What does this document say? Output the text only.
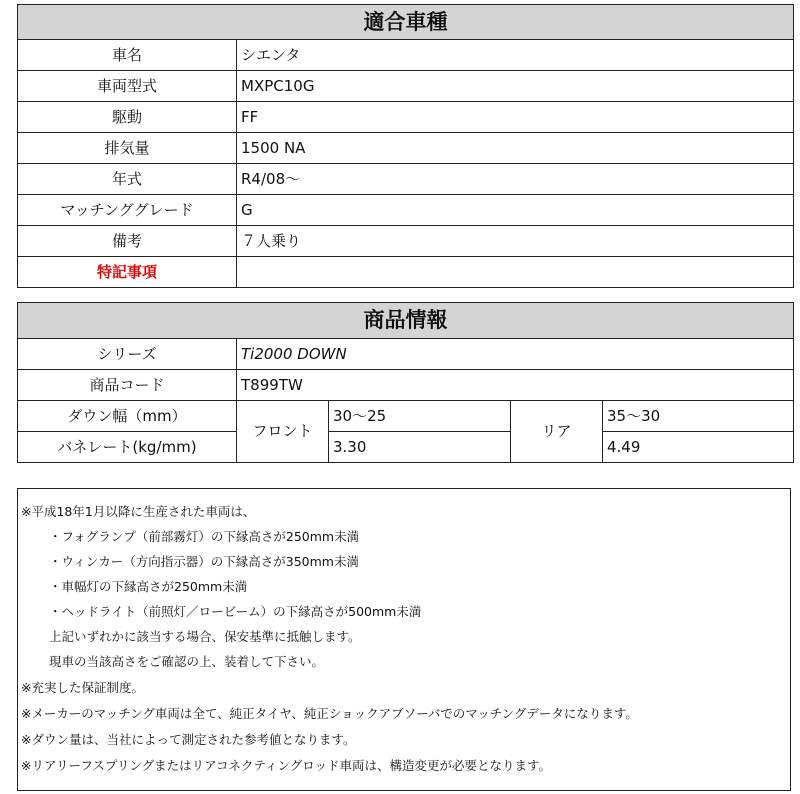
適合車種	
車名	シエンタ
車両型式	MXPC10G
駆動	FF
排気量	1500 NA
年式	R4/08～
マッチンググレード	G
備考	７人乗り
特記事項	
商品情報				
シリーズ	Ti2000 DOWN			
商品コード	T899TW			
ダウン幅（mm）	フロント	30～25	リア	35～30
バネレート(kg/mm)		3.30		4.49
※平成18年1月以降に生産された車両は、
・フォグランプ（前部霧灯）の下縁高さが250mm未満
・ウィンカー（方向指示器）の下縁高さが350mm未満
・車幅灯の下縁高さが250mm未満
・ヘッドライト（前照灯／ロービーム）の下縁高さが500mm未満
上記いずれかに該当する場合、保安基準に抵触します。
現車の当該高さをご確認の上、装着して下さい。
※充実した保証制度。
※メーカーのマッチング車両は全て、純正タイヤ、純正ショックアブソーバでのマッチングデータになります。
※ダウン量は、当社によって測定された参考値となります。
※リアリーフスプリングまたはリアコネクティングロッド車両は、構造変更が必要となります。
